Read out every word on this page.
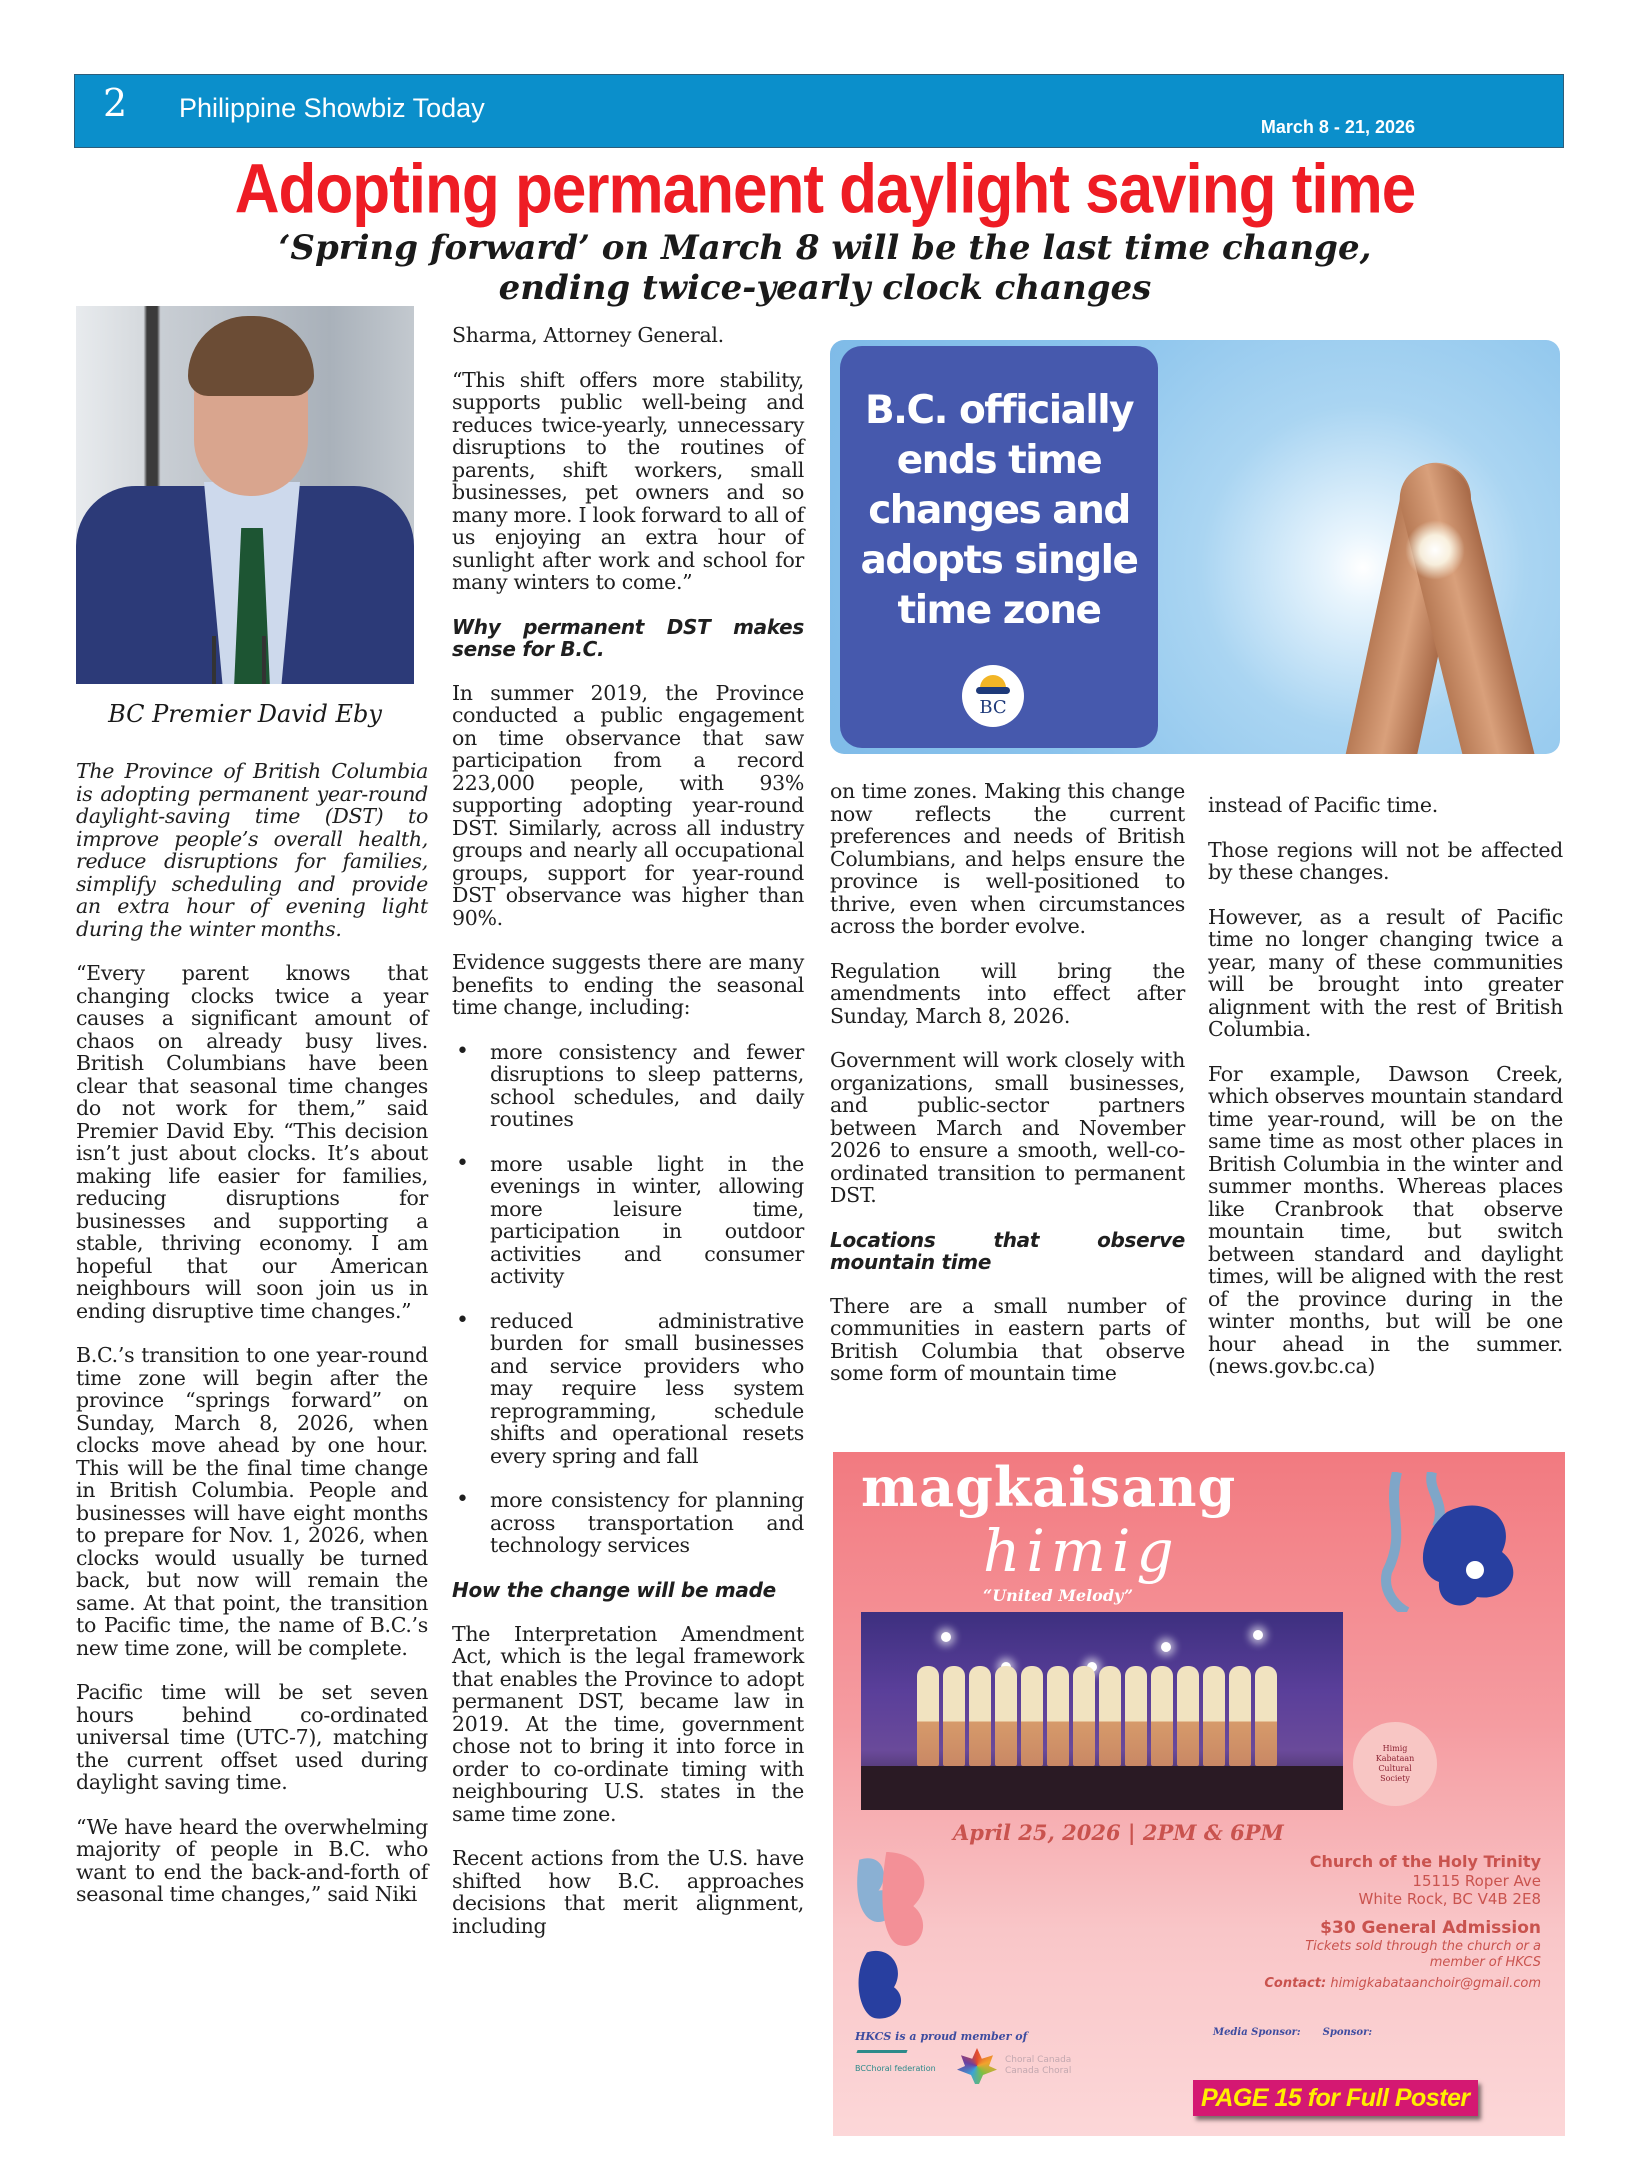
2 Philippine Showbiz Today
March 8 - 21, 2026
Adopting permanent daylight saving time
‘Spring forward’ on March 8 will be the last time change,
ending twice-yearly clock changes
BC Premier David Eby

The Province of British Columbia is adopting permanent year-round daylight-saving time (DST) to improve people’s overall health, reduce disruptions for families, simplify scheduling and provide an extra hour of evening light during the winter months.

“Every parent knows that changing clocks twice a year causes a significant amount of chaos on already busy lives. British Columbians have been clear that seasonal time changes do not work for them,” said Premier David Eby. “This decision isn’t just about clocks. It’s about making life easier for families, reducing disruptions for businesses and supporting a stable, thriving economy. I am hopeful that our American neighbours will soon join us in ending disruptive time changes.”

B.C.’s transition to one year-round time zone will begin after the province “springs forward” on Sunday, March 8, 2026, when clocks move ahead by one hour. This will be the final time change in British Columbia. People and businesses will have eight months to prepare for Nov. 1, 2026, when clocks would usually be turned back, but now will remain the same. At that point, the transition to Pacific time, the name of B.C.’s new time zone, will be complete.

Pacific time will be set seven hours behind co-ordinated universal time (UTC-7), matching the current offset used during daylight saving time.

“We have heard the overwhelming majority of people in B.C. who want to end the back-and-forth of seasonal time changes,” said Niki

Sharma, Attorney General.

“This shift offers more stability, supports public well-being and reduces twice-yearly, unnecessary disruptions to the routines of parents, shift workers, small businesses, pet owners and so many more. I look forward to all of us enjoying an extra hour of sunlight after work and school for many winters to come.”

Why permanent DST makes sense for B.C.

In summer 2019, the Province conducted a public engagement on time observance that saw participation from a record 223,000 people, with 93% supporting adopting year-round DST. Similarly, across all industry groups and nearly all occupational groups, support for year-round DST observance was higher than 90%.

Evidence suggests there are many benefits to ending the seasonal time change, including:

• more consistency and fewer disruptions to sleep patterns, school schedules, and daily routines
• more usable light in the evenings in winter, allowing more leisure time, participation in outdoor activities and consumer activity
• reduced administrative burden for small businesses and service providers who may require less system reprogramming, schedule shifts and operational resets every spring and fall
• more consistency for planning across transportation and technology services
How the change will be made

The Interpretation Amendment Act, which is the legal framework that enables the Province to adopt permanent DST, became law in 2019. At the time, government chose not to bring it into force in order to co-ordinate timing with neighbouring U.S. states in the same time zone.

Recent actions from the U.S. have shifted how B.C. approaches decisions that merit alignment, including

B.C. officially ends time changes and adopts single time zone
BC

on time zones. Making this change now reflects the current preferences and needs of British Columbians, and helps ensure the province is well-positioned to thrive, even when circumstances across the border evolve.

Regulation will bring the amendments into effect after Sunday, March 8, 2026.

Government will work closely with organizations, small businesses, and public-sector partners between March and November 2026 to ensure a smooth, well-co-ordinated transition to permanent DST.

Locations that observe mountain time

There are a small number of communities in eastern parts of British Columbia that observe some form of mountain time

instead of Pacific time.

Those regions will not be affected by these changes.

However, as a result of Pacific time no longer changing twice a year, many of these communities will be brought into greater alignment with the rest of British Columbia.

For example, Dawson Creek, which observes mountain standard time year-round, will be on the same time as most other places in British Columbia in the winter and summer months. Whereas places like Cranbrook that observe mountain time, but switch between standard and daylight times, will be aligned with the rest of the province during in the winter months, but will be one hour ahead in the summer. (news.gov.bc.ca)

magkaisang
himig
“United Melody”
Himig Kabataan Cultural Society
April 25, 2026 | 2PM & 6PM
Church of the Holy Trinity
15115 Roper Ave
White Rock, BC V4B 2E8
$30 General Admission
Tickets sold through the church or a
member of HKCS
Contact: himigkabataanchoir@gmail.com
HKCS is a proud member of
BCChoral federation
Choral Canada
Canada Choral
Media Sponsor: Sponsor:
PAGE 15 for Full Poster
